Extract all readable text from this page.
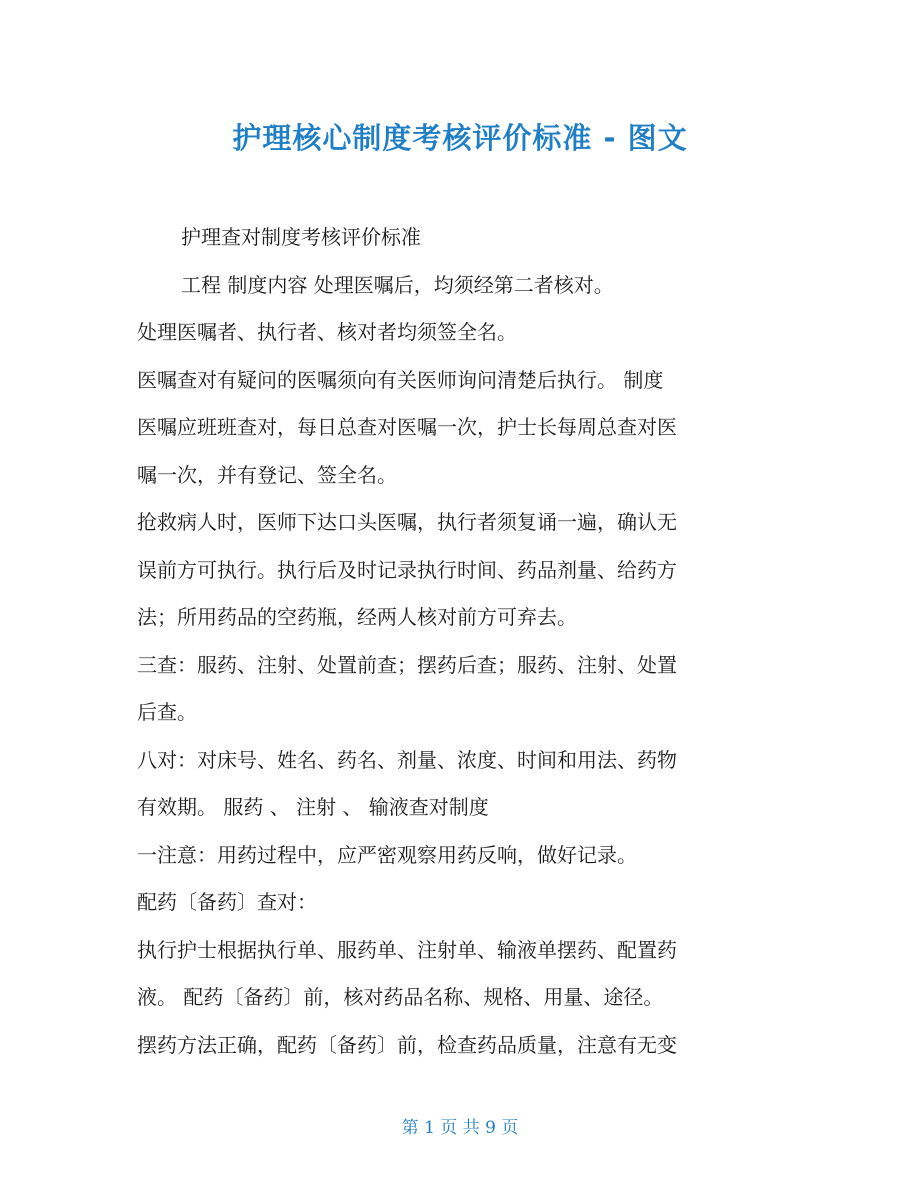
护理核心制度考核评价标准 - 图文
护理查对制度考核评价标准
工程 制度内容 处理医嘱后，均须经第二者核对。
处理医嘱者、执行者、核对者均须签全名。
医嘱查对有疑问的医嘱须向有关医师询问清楚后执行。 制度
医嘱应班班查对，每日总查对医嘱一次，护士长每周总查对医
嘱一次，并有登记、签全名。
抢救病人时，医师下达口头医嘱，执行者须复诵一遍，确认无
误前方可执行。执行后及时记录执行时间、药品剂量、给药方
法；所用药品的空药瓶，经两人核对前方可弃去。
三查：服药、注射、处置前查；摆药后查；服药、注射、处置
后查。
八对：对床号、姓名、药名、剂量、浓度、时间和用法、药物
有效期。 服药 、 注射 、 输液查对制度
一注意：用药过程中，应严密观察用药反响，做好记录。
配药〔备药〕查对：
执行护士根据执行单、服药单、注射单、输液单摆药、配置药
液。 配药〔备药〕前，核对药品名称、规格、用量、途径。
摆药方法正确，配药〔备药〕前，检查药品质量，注意有无变
第 1 页 共 9 页
